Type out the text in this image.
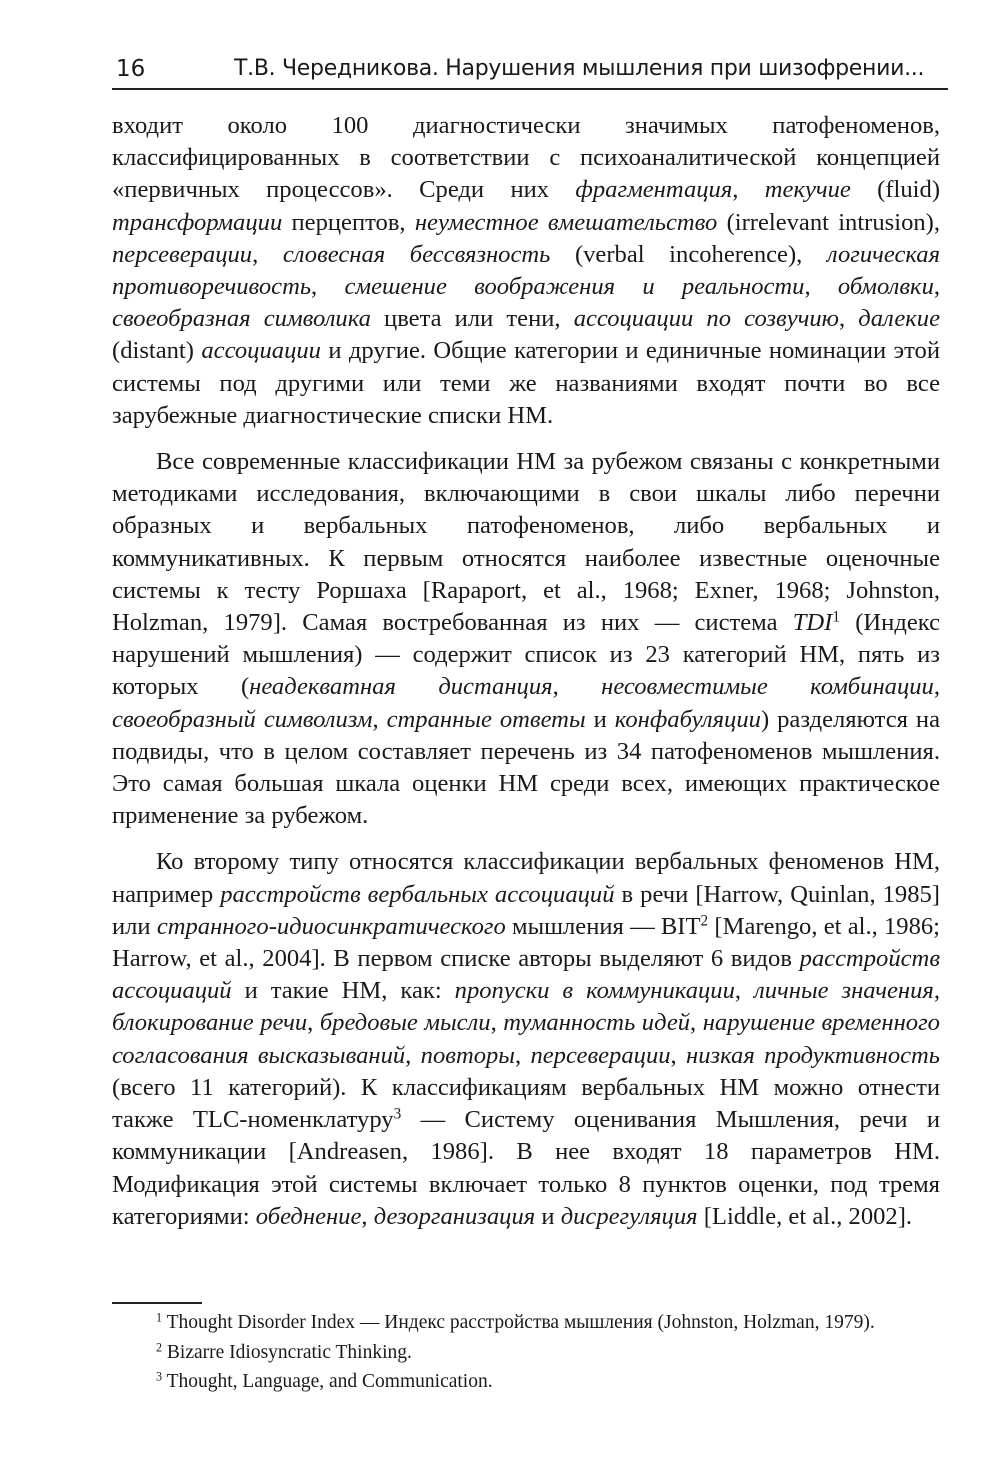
16	Т.В. Чередникова. Нарушения мышления при шизофрении...

входит около 100 диагностически значимых патофеноменов, классифицированных в соответствии с психоаналитической концепцией «первичных процессов». Среди них фрагментация, текучие (fluid) трансформации перцептов, неуместное вмешательство (irrelevant intrusion), персеверации, словесная бессвязность (verbal incoherence), логическая противоречивость, смешение воображения и реальности, обмолвки, своеобразная символика цвета или тени, ассоциации по созвучию, далекие (distant) ассоциации и другие. Общие категории и единичные номинации этой системы под другими или теми же названиями входят почти во все зарубежные диагностические списки НМ.

Все современные классификации НМ за рубежом связаны с конкретными методиками исследования, включающими в свои шкалы либо перечни образных и вербальных патофеноменов, либо вербальных и коммуникативных. К первым относятся наиболее известные оценочные системы к тесту Роршаха [Rapaport, et al., 1968; Exner, 1968; Johnston, Holzman, 1979]. Самая востребованная из них — система TDI$^1$ (Индекс нарушений мышления) — содержит список из 23 категорий НМ, пять из которых (неадекватная дистанция, несовместимые комбинации, своеобразный символизм, странные ответы и конфабуляции) разделяются на подвиды, что в целом составляет перечень из 34 патофеноменов мышления. Это самая большая шкала оценки НМ среди всех, имеющих практическое применение за рубежом.

Ко второму типу относятся классификации вербальных феноменов НМ, например расстройств вербальных ассоциаций в речи [Harrow, Quinlan, 1985] или странного-идиосинкратического мышления — BIT$^2$ [Marengo, et al., 1986; Harrow, et al., 2004]. В первом списке авторы выделяют 6 видов расстройств ассоциаций и такие НМ, как: пропуски в коммуникации, личные значения, блокирование речи, бредовые мысли, туманность идей, нарушение временного согласования высказываний, повторы, персеверации, низкая продуктивность (всего 11 категорий). К классификациям вербальных НМ можно отнести также TLC-номенклатуру$^3$ — Систему оценивания Мышления, речи и коммуникации [Andreasen, 1986]. В нее входят 18 параметров НМ. Модификация этой системы включает только 8 пунктов оценки, под тремя категориями: обеднение, дезорганизация и дисрегуляция [Liddle, et al., 2002].

$^1$ Thought Disorder Index — Индекс расстройства мышления (Johnston, Holzman, 1979).

$^2$ Bizarre Idiosyncratic Thinking.

$^3$ Thought, Language, and Communication.
